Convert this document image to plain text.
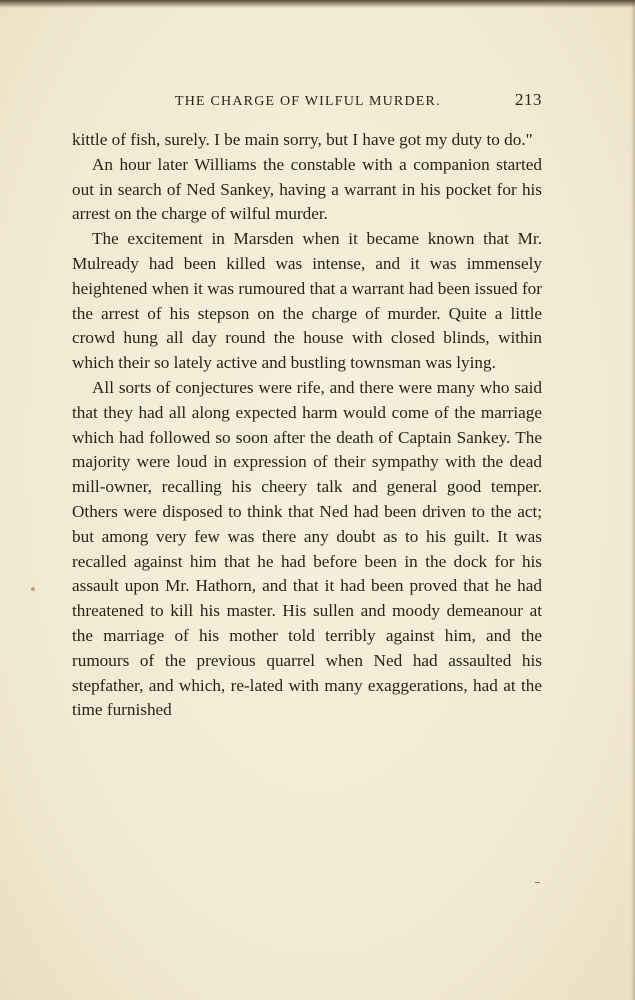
THE CHARGE OF WILFUL MURDER.	213

kittle of fish, surely. I be main sorry, but I have got my duty to do."

An hour later Williams the constable with a companion started out in search of Ned Sankey, having a warrant in his pocket for his arrest on the charge of wilful murder.

The excitement in Marsden when it became known that Mr. Mulready had been killed was intense, and it was immensely heightened when it was rumoured that a warrant had been issued for the arrest of his stepson on the charge of murder. Quite a little crowd hung all day round the house with closed blinds, within which their so lately active and bustling townsman was lying.

All sorts of conjectures were rife, and there were many who said that they had all along expected harm would come of the marriage which had followed so soon after the death of Captain Sankey. The majority were loud in expression of their sympathy with the dead mill-owner, recalling his cheery talk and general good temper. Others were disposed to think that Ned had been driven to the act; but among very few was there any doubt as to his guilt. It was recalled against him that he had before been in the dock for his assault upon Mr. Hathorn, and that it had been proved that he had threatened to kill his master. His sullen and moody demeanour at the marriage of his mother told terribly against him, and the rumours of the previous quarrel when Ned had assaulted his stepfather, and which, re-lated with many exaggerations, had at the time furnished
